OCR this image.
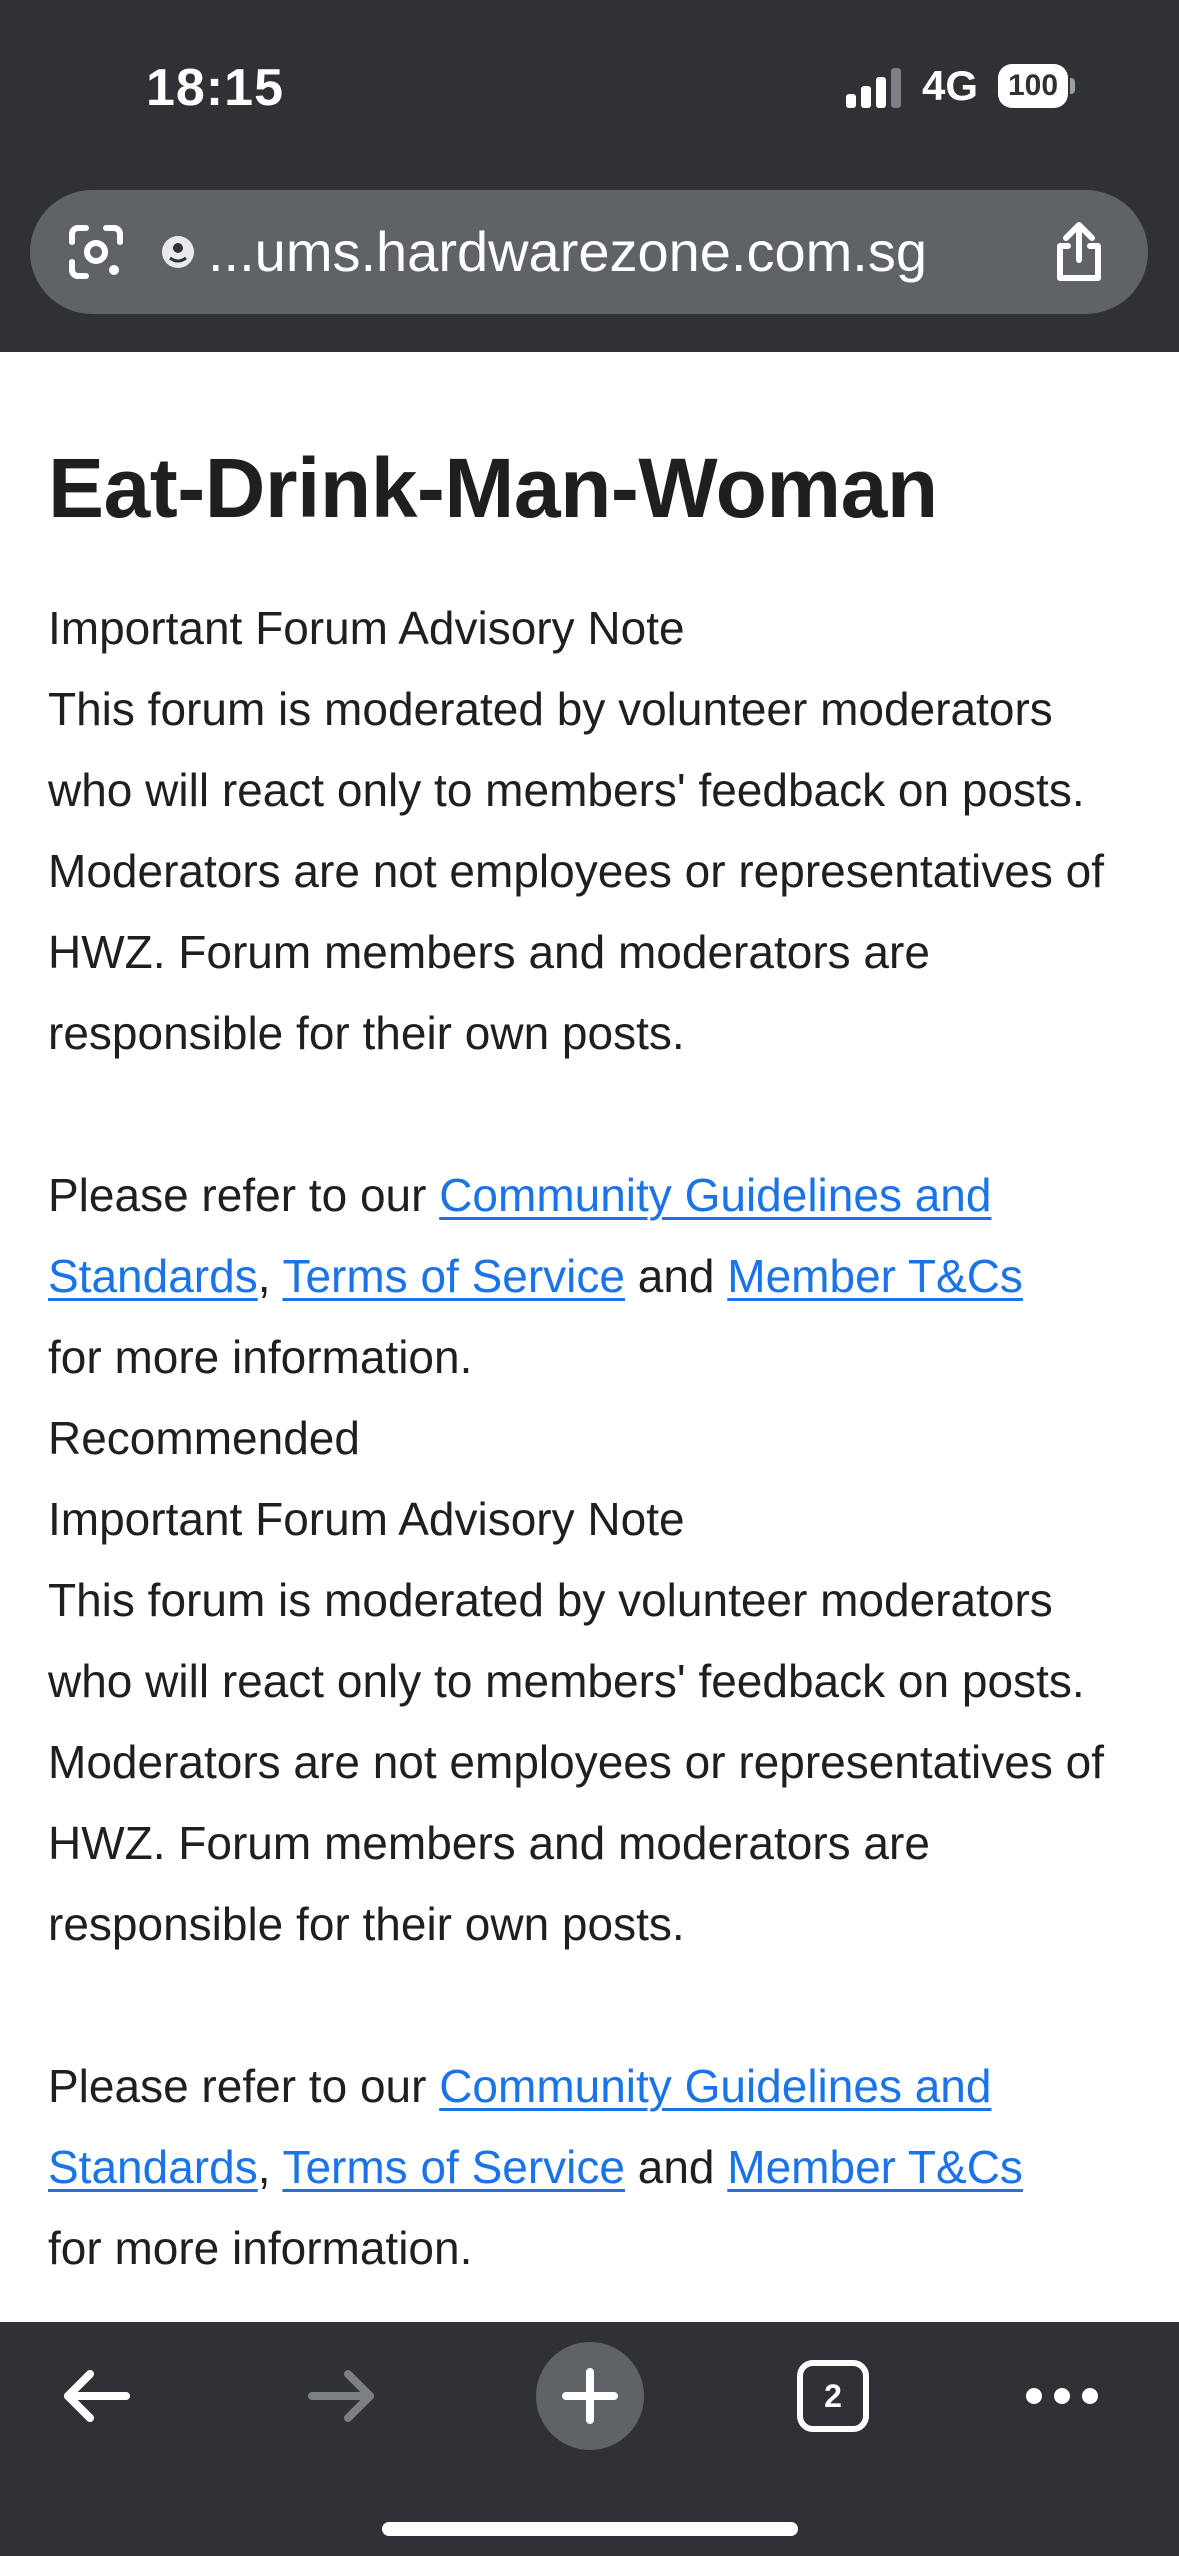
18:15	4G 100
...ums.hardwarezone.com.sg
Eat-Drink-Man-Woman

Important Forum Advisory Note

This forum is moderated by volunteer moderators who will react only to members' feedback on posts. Moderators are not employees or representatives of HWZ. Forum members and moderators are responsible for their own posts.

Please refer to our Community Guidelines and Standards, Terms of Service and Member T&Cs
for more information.

Recommended

Important Forum Advisory Note

This forum is moderated by volunteer moderators who will react only to members' feedback on posts. Moderators are not employees or representatives of HWZ. Forum members and moderators are responsible for their own posts.

Please refer to our Community Guidelines and Standards, Terms of Service and Member T&Cs
for more information.

2
